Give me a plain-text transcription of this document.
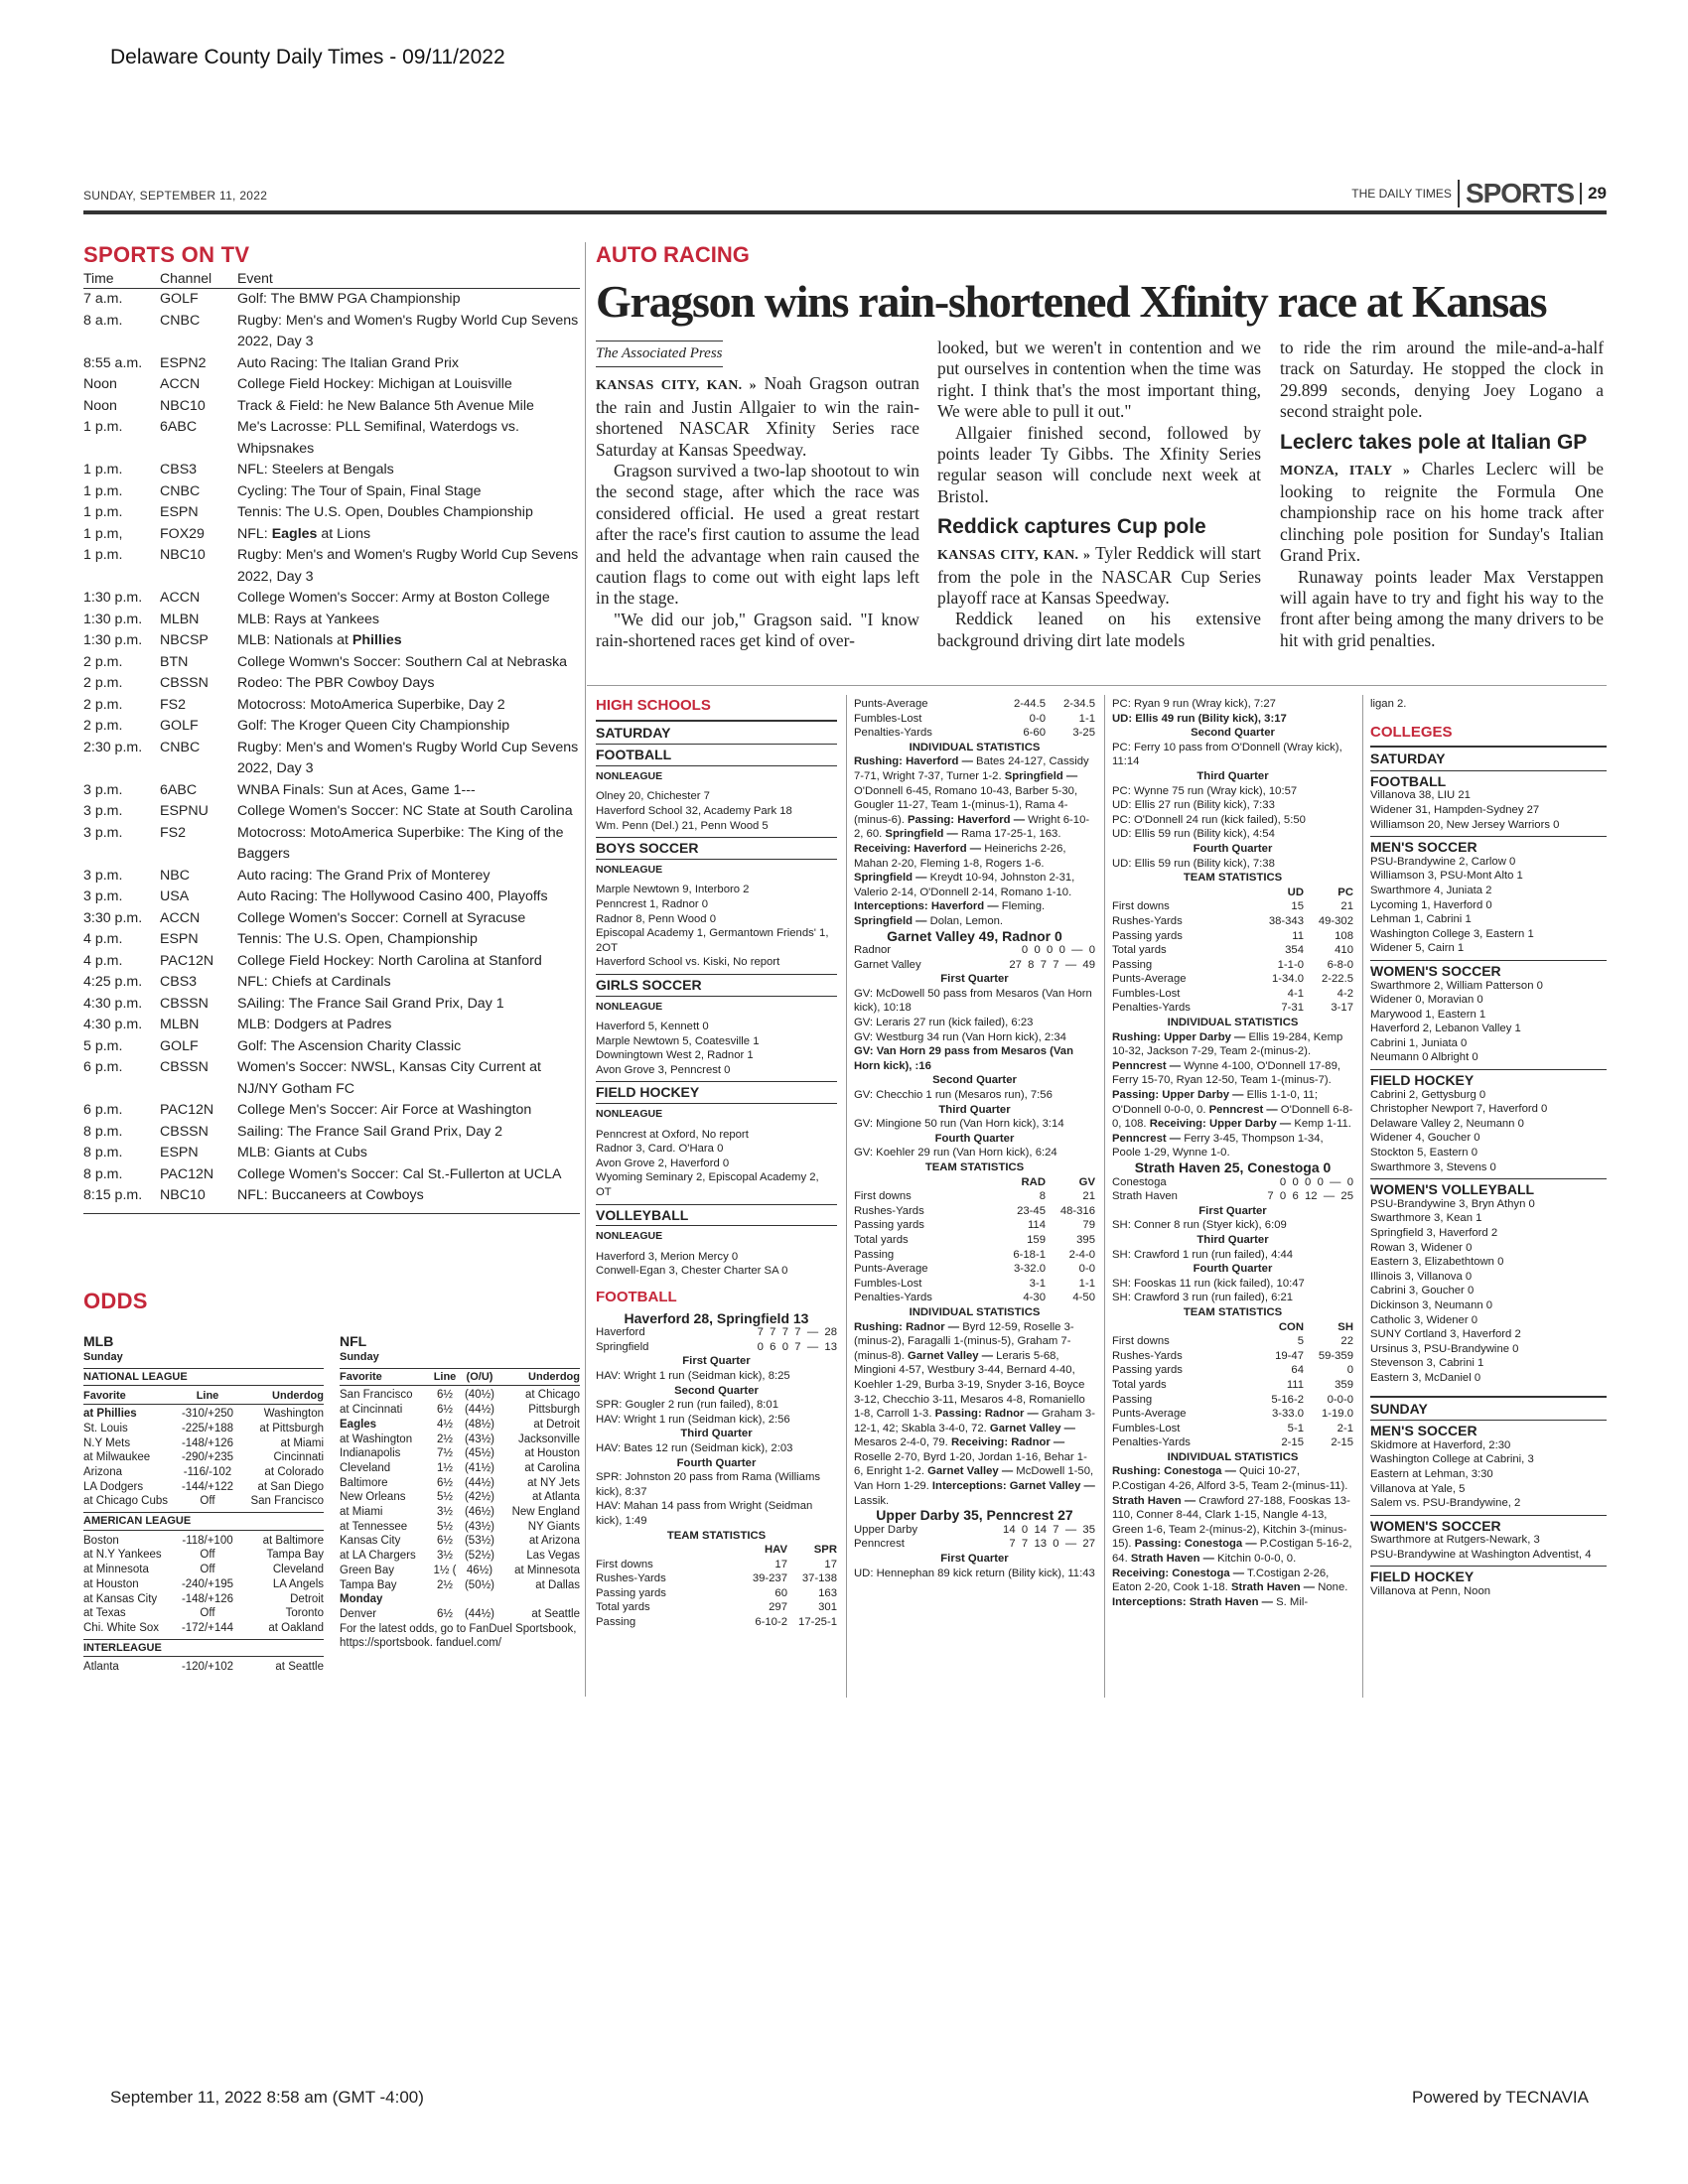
Delaware County Daily Times - 09/11/2022
September 11, 2022 8:58 am (GMT -4:00)	Powered by TECNAVIA
SUNDAY, SEPTEMBER 11, 2022	THE DAILY TIMES SPORTS 29
SPORTS ON TV
Time	Channel	Event
7 a.m.	GOLF	Golf: The BMW PGA Championship
8 a.m.	CNBC	Rugby: Men's and Women's Rugby World Cup Sevens 2022, Day 3
8:55 a.m.	ESPN2	Auto Racing: The Italian Grand Prix
Noon	ACCN	College Field Hockey: Michigan at Louisville
Noon	NBC10	Track & Field: he New Balance 5th Avenue Mile
1 p.m.	6ABC	Me's Lacrosse: PLL Semifinal, Waterdogs vs. Whipsnakes
1 p.m.	CBS3	NFL: Steelers at Bengals
1 p.m.	CNBC	Cycling: The Tour of Spain, Final Stage
1 p.m.	ESPN	Tennis: The U.S. Open, Doubles Championship
1 p.m,	FOX29	NFL: Eagles at Lions
1 p.m.	NBC10	Rugby: Men's and Women's Rugby World Cup Sevens 2022, Day 3
1:30 p.m.	ACCN	College Women's Soccer: Army at Boston College
1:30 p.m.	MLBN	MLB: Rays at Yankees
1:30 p.m.	NBCSP	MLB: Nationals at Phillies
2 p.m.	BTN	College Womwn's Soccer: Southern Cal at Nebraska
2 p.m.	CBSSN	Rodeo: The PBR Cowboy Days
2 p.m.	FS2	Motocross: MotoAmerica Superbike, Day 2
2 p.m.	GOLF	Golf: The Kroger Queen City Championship
2:30 p.m.	CNBC	Rugby: Men's and Women's Rugby World Cup Sevens 2022, Day 3
3 p.m.	6ABC	WNBA Finals: Sun at Aces, Game 1---
3 p.m.	ESPNU	College Women's Soccer: NC State at South Carolina
3 p.m.	FS2	Motocross: MotoAmerica Superbike: The King of the Baggers
3 p.m.	NBC	Auto racing: The Grand Prix of Monterey
3 p.m.	USA	Auto Racing: The Hollywood Casino 400, Playoffs
3:30 p.m.	ACCN	College Women's Soccer: Cornell at Syracuse
4 p.m.	ESPN	Tennis: The U.S. Open, Championship
4 p.m.	PAC12N	College Field Hockey: North Carolina at Stanford
4:25 p.m.	CBS3	NFL: Chiefs at Cardinals
4:30 p.m.	CBSSN	SAiling: The France Sail Grand Prix, Day 1
4:30 p.m.	MLBN	MLB: Dodgers at Padres
5 p.m.	GOLF	Golf: The Ascension Charity Classic
6 p.m.	CBSSN	Women's Soccer: NWSL, Kansas City Current at NJ/NY Gotham FC
6 p.m.	PAC12N	College Men's Soccer: Air Force at Washington
8 p.m.	CBSSN	Sailing: The France Sail Grand Prix, Day 2
8 p.m.	ESPN	MLB: Giants at Cubs
8 p.m.	PAC12N	College Women's Soccer: Cal St.-Fullerton at UCLA
8:15 p.m.	NBC10	NFL: Buccaneers at Cowboys
ODDS
MLB
Sunday
NATIONAL LEAGUE
Favorite	Line	Underdog
at Phillies	-310/+250	Washington
St. Louis	-225/+188	at Pittsburgh
N.Y Mets	-148/+126	at Miami
at Milwaukee	-290/+235	Cincinnati
Arizona	-116/-102	at Colorado
LA Dodgers	-144/+122	at San Diego
at Chicago Cubs	Off	San Francisco
AMERICAN LEAGUE
Boston	-118/+100	at Baltimore
at N.Y Yankees	Off	Tampa Bay
at Minnesota	Off	Cleveland
at Houston	-240/+195	LA Angels
at Kansas City	-148/+126	Detroit
at Texas	Off	Toronto
Chi. White Sox	-172/+144	at Oakland
INTERLEAGUE
Atlanta	-120/+102	at Seattle
NFL
Sunday
Favorite	Line (O/U)	Underdog
San Francisco	6½	(40½)	at Chicago
at Cincinnati	6½	(44½)	Pittsburgh
Eagles	4½	(48½)	at Detroit
at Washington	2½	(43½)	Jacksonville
Indianapolis	7½	(45½)	at Houston
Cleveland	1½	(41½)	at Carolina
Baltimore	6½	(44½)	at NY Jets
New Orleans	5½	(42½)	at Atlanta
at Miami	3½	(46½)	New England
at Tennessee	5½	(43½)	NY Giants
Kansas City	6½	(53½)	at Arizona
at LA Chargers	3½	(52½)	Las Vegas
Green Bay	1½ ( 46½)	at Minnesota
Tampa Bay	2½	(50½)	at Dallas
Monday
Denver	6½	(44½)	at Seattle
For the latest odds, go to FanDuel Sportsbook, https://sportsbook. fanduel.com/
AUTO RACING
Gragson wins rain-shortened Xfinity race at Kansas
The Associated Press

KANSAS CITY, KAN. » Noah Gragson outran the rain and Justin Allgaier to win the rain-shortened NASCAR Xfinity Series race Saturday at Kansas Speedway.

Gragson survived a two-lap shootout to win the second stage, after which the race was considered official. He used a great restart after the race's first caution to assume the lead and held the advantage when rain caused the caution flags to come out with eight laps left in the stage.

"We did our job," Gragson said. "I know rain-shortened races get kind of over-

looked, but we weren't in contention and we put ourselves in contention when the time was right. I think that's the most important thing, We were able to pull it out."

Allgaier finished second, followed by points leader Ty Gibbs. The Xfinity Series regular season will conclude next week at Bristol.

Reddick captures Cup pole

KANSAS CITY, KAN. » Tyler Reddick will start from the pole in the NASCAR Cup Series playoff race at Kansas Speedway.

Reddick leaned on his extensive background driving dirt late models

to ride the rim around the mile-and-a-half track on Saturday. He stopped the clock in 29.899 seconds, denying Joey Logano a second straight pole.

Leclerc takes pole at Italian GP

MONZA, ITALY » Charles Leclerc will be looking to reignite the Formula One championship race on his home track after clinching pole position for Sunday's Italian Grand Prix.

Runaway points leader Max Verstappen will again have to try and fight his way to the front after being among the many drivers to be hit with grid penalties.

HIGH SCHOOLS
SATURDAY
FOOTBALL
NONLEAGUE
Olney 20, Chichester 7
Haverford School 32, Academy Park 18
Wm. Penn (Del.) 21, Penn Wood 5
BOYS SOCCER
NONLEAGUE
Marple Newtown 9, Interboro 2
Penncrest 1, Radnor 0
Radnor 8, Penn Wood 0
Episcopal Academy 1, Germantown Friends' 1, 2OT
Haverford School vs. Kiski, No report
GIRLS SOCCER
NONLEAGUE
Haverford 5, Kennett 0
Marple Newtown 5, Coatesville 1
Downingtown West 2, Radnor 1
Avon Grove 3, Penncrest 0
FIELD HOCKEY
NONLEAGUE
Penncrest at Oxford, No report
Radnor 3, Card. O'Hara 0
Avon Grove 2, Haverford 0
Wyoming Seminary 2, Episcopal Academy 2, OT
VOLLEYBALL
NONLEAGUE
Haverford 3, Merion Mercy 0
Conwell-Egan 3, Chester Charter SA 0
FOOTBALL
Haverford 28, Springfield 13
Haverford	7  7  7  7  —  28
Springfield	0  6  0  7  —  13
First Quarter
HAV: Wright 1 run (Seidman kick), 8:25
Second Quarter
SPR: Gougler 2 run (run failed), 8:01
HAV: Wright 1 run (Seidman kick), 2:56
Third Quarter
HAV: Bates 12 run (Seidman kick), 2:03
Fourth Quarter
SPR: Johnston 20 pass from Rama (Williams kick), 8:37
HAV: Mahan 14 pass from Wright (Seidman kick), 1:49
TEAM STATISTICS
HAV	SPR
First downs	17	17
Rushes-Yards	39-237	37-138
Passing yards	60	163
Total yards	297	301
Passing	6-10-2 17-25-1
Punts-Average	2-44.5	2-34.5
Fumbles-Lost	0-0	1-1
Penalties-Yards	6-60	3-25
INDIVIDUAL STATISTICS
Rushing: Haverford — Bates 24-127, Cassidy 7-71, Wright 7-37, Turner 1-2. Springfield — O'Donnell 6-45, Romano 10-43, Barber 5-30, Gougler 11-27, Team 1-(minus-1), Rama 4-(minus-6). Passing: Haverford — Wright 6-10-2, 60. Springfield — Rama 17-25-1, 163. Receiving: Haverford — Heinerichs 2-26, Mahan 2-20, Fleming 1-8, Rogers 1-6. Springfield — Kreydt 10-94, Johnston 2-31, Valerio 2-14, O'Donnell 2-14, Romano 1-10. Interceptions: Haverford — Fleming. Springfield — Dolan, Lemon.
Garnet Valley 49, Radnor 0
Radnor	0  0  0  0  —  0
Garnet Valley	27  8  7  7  —  49
First Quarter
GV: McDowell 50 pass from Mesaros (Van Horn kick), 10:18
GV: Leraris 27 run (kick failed), 6:23
GV: Westburg 34 run (Van Horn kick), 2:34
GV: Van Horn 29 pass from Mesaros (Van Horn kick), :16
Second Quarter
GV: Checchio 1 run (Mesaros run), 7:56
Third Quarter
GV: Mingione 50 run (Van Horn kick), 3:14
Fourth Quarter
GV: Koehler 29 run (Van Horn kick), 6:24
TEAM STATISTICS
RAD	GV
First downs	8	21
Rushes-Yards	23-45	48-316
Passing yards	114	79
Total yards	159	395
Passing	6-18-1	2-4-0
Punts-Average	3-32.0	0-0
Fumbles-Lost	3-1	1-1
Penalties-Yards	4-30	4-50
INDIVIDUAL STATISTICS
Rushing: Radnor — Byrd 12-59, Roselle 3-(minus-2), Faragalli 1-(minus-5), Graham 7-(minus-8). Garnet Valley — Leraris 5-68, Mingioni 4-57, Westbury 3-44, Bernard 4-40, Koehler 1-29, Burba 3-19, Snyder 3-16, Boyce 3-12, Checchio 3-11, Mesaros 4-8, Romaniello 1-8, Carroll 1-3. Passing: Radnor — Graham 3-12-1, 42; Skabla 3-4-0, 72. Garnet Valley — Mesaros 2-4-0, 79. Receiving: Radnor — Roselle 2-70, Byrd 1-20, Jordan 1-16, Behar 1-6, Enright 1-2. Garnet Valley — McDowell 1-50, Van Horn 1-29. Interceptions: Garnet Valley — Lassik.
Upper Darby 35, Penncrest 27
Upper Darby	14  0  14  7  —  35
Penncrest	7  7  13  0  —  27
First Quarter
UD: Hennephan 89 kick return (Bility kick), 11:43
PC: Ryan 9 run (Wray kick), 7:27
UD: Ellis 49 run (Bility kick), 3:17
Second Quarter
PC: Ferry 10 pass from O'Donnell (Wray kick), 11:14
Third Quarter
PC: Wynne 75 run (Wray kick), 10:57
UD: Ellis 27 run (Bility kick), 7:33
PC: O'Donnell 24 run (kick failed), 5:50
UD: Ellis 59 run (Bility kick), 4:54
Fourth Quarter
UD: Ellis 59 run (Bility kick), 7:38
TEAM STATISTICS
UD	PC
First downs	15	21
Rushes-Yards	38-343	49-302
Passing yards	11	108
Total yards	354	410
Passing	1-1-0	6-8-0
Punts-Average	1-34.0	2-22.5
Fumbles-Lost	4-1	4-2
Penalties-Yards	7-31	3-17
INDIVIDUAL STATISTICS
Rushing: Upper Darby — Ellis 19-284, Kemp 10-32, Jackson 7-29, Team 2-(minus-2). Penncrest — Wynne 4-100, O'Donnell 17-89, Ferry 15-70, Ryan 12-50, Team 1-(minus-7). Passing: Upper Darby — Ellis 1-1-0, 11; O'Donnell 0-0-0, 0. Penncrest — O'Donnell 6-8-0, 108. Receiving: Upper Darby — Kemp 1-11. Penncrest — Ferry 3-45, Thompson 1-34, Poole 1-29, Wynne 1-0.
Strath Haven 25, Conestoga 0
Conestoga	0  0  0  0  —  0
Strath Haven	7  0  6  12  —  25
First Quarter
SH: Conner 8 run (Styer kick), 6:09
Third Quarter
SH: Crawford 1 run (run failed), 4:44
Fourth Quarter
SH: Fooskas 11 run (kick failed), 10:47
SH: Crawford 3 run (run failed), 6:21
TEAM STATISTICS
CON	SH
First downs	5	22
Rushes-Yards	19-47	59-359
Passing yards	64	0
Total yards	111	359
Passing	5-16-2	0-0-0
Punts-Average	3-33.0	1-19.0
Fumbles-Lost	5-1	2-1
Penalties-Yards	2-15	2-15
INDIVIDUAL STATISTICS
Rushing: Conestoga — Quici 10-27, P.Costigan 4-26, Alford 3-5, Team 2-(minus-11). Strath Haven — Crawford 27-188, Fooskas 13-110, Conner 8-44, Clark 1-15, Nangle 4-13, Green 1-6, Team 2-(minus-2), Kitchin 3-(minus-15). Passing: Conestoga — P.Costigan 5-16-2, 64. Strath Haven — Kitchin 0-0-0, 0. Receiving: Conestoga — T.Costigan 2-26, Eaton 2-20, Cook 1-18. Strath Haven — None. Interceptions: Strath Haven — S. Mil-
ligan 2.
COLLEGES
SATURDAY
FOOTBALL
Villanova 38, LIU 21
Widener 31, Hampden-Sydney 27
Williamson 20, New Jersey Warriors 0
MEN'S SOCCER
PSU-Brandywine 2, Carlow 0
Williamson 3, PSU-Mont Alto 1
Swarthmore 4, Juniata 2
Lycoming 1, Haverford 0
Lehman 1, Cabrini 1
Washington College 3, Eastern 1
Widener 5, Cairn 1
WOMEN'S SOCCER
Swarthmore 2, William Patterson 0
Widener 0, Moravian 0
Marywood 1, Eastern 1
Haverford 2, Lebanon Valley 1
Cabrini 1, Juniata 0
Neumann 0 Albright 0
FIELD HOCKEY
Cabrini 2, Gettysburg 0
Christopher Newport 7, Haverford 0
Delaware Valley 2, Neumann 0
Widener 4, Goucher 0
Stockton 5, Eastern 0
Swarthmore 3, Stevens 0
WOMEN'S VOLLEYBALL
PSU-Brandywine 3, Bryn Athyn 0
Swarthmore 3, Kean 1
Springfield 3, Haverford 2
Rowan 3, Widener 0
Eastern 3, Elizabethtown 0
Illinois 3, Villanova 0
Cabrini 3, Goucher 0
Dickinson 3, Neumann 0
Catholic 3, Widener 0
SUNY Cortland 3, Haverford 2
Ursinus 3, PSU-Brandywine 0
Stevenson 3, Cabrini 1
Eastern 3, McDaniel 0
SUNDAY
MEN'S SOCCER
Skidmore at Haverford, 2:30
Washington College at Cabrini, 3
Eastern at Lehman, 3:30
Villanova at Yale, 5
Salem vs. PSU-Brandywine, 2
WOMEN'S SOCCER
Swarthmore at Rutgers-Newark, 3
PSU-Brandywine at Washington Adventist, 4
FIELD HOCKEY
Villanova at Penn, Noon
